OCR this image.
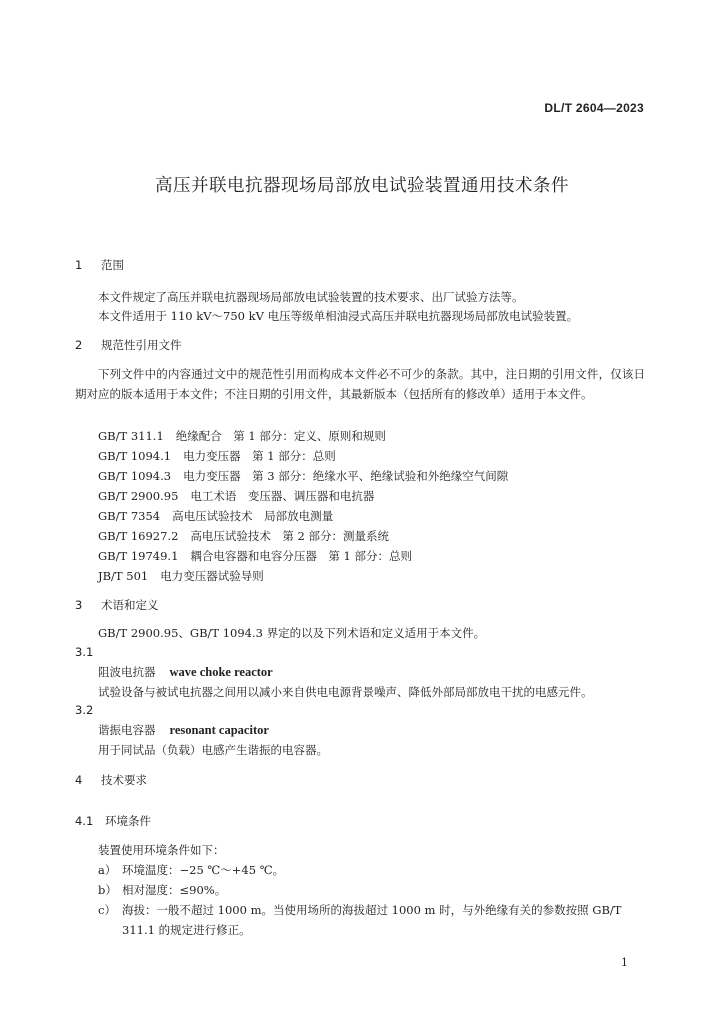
DL/T 2604—2023
高压并联电抗器现场局部放电试验装置通用技术条件
1 范围
本文件规定了高压并联电抗器现场局部放电试验装置的技术要求、出厂试验方法等。
本文件适用于 110 kV～750 kV 电压等级单相油浸式高压并联电抗器现场局部放电试验装置。
2 规范性引用文件
下列文件中的内容通过文中的规范性引用而构成本文件必不可少的条款。其中，注日期的引用文件，仅该日期对应的版本适用于本文件；不注日期的引用文件，其最新版本（包括所有的修改单）适用于本文件。
GB/T 311.1 绝缘配合　第 1 部分：定义、原则和规则
GB/T 1094.1 电力变压器　第 1 部分：总则
GB/T 1094.3 电力变压器　第 3 部分：绝缘水平、绝缘试验和外绝缘空气间隙
GB/T 2900.95 电工术语　变压器、调压器和电抗器
GB/T 7354 高电压试验技术　局部放电测量
GB/T 16927.2 高电压试验技术　第 2 部分：测量系统
GB/T 19749.1 耦合电容器和电容分压器　第 1 部分：总则
JB/T 501 电力变压器试验导则
3 术语和定义
GB/T 2900.95、GB/T 1094.3 界定的以及下列术语和定义适用于本文件。
3.1
阻波电抗器 wave choke reactor
试验设备与被试电抗器之间用以减小来自供电电源背景噪声、降低外部局部放电干扰的电感元件。
3.2
谐振电容器 resonant capacitor
用于同试品（负载）电感产生谐振的电容器。
4 技术要求
4.1 环境条件
装置使用环境条件如下：
a） 环境温度：−25 ℃～+45 ℃。
b） 相对湿度：≤90%。
c） 海拔：一般不超过 1000 m。当使用场所的海拔超过 1000 m 时，与外绝缘有关的参数按照 GB/T
311.1 的规定进行修正。
1
